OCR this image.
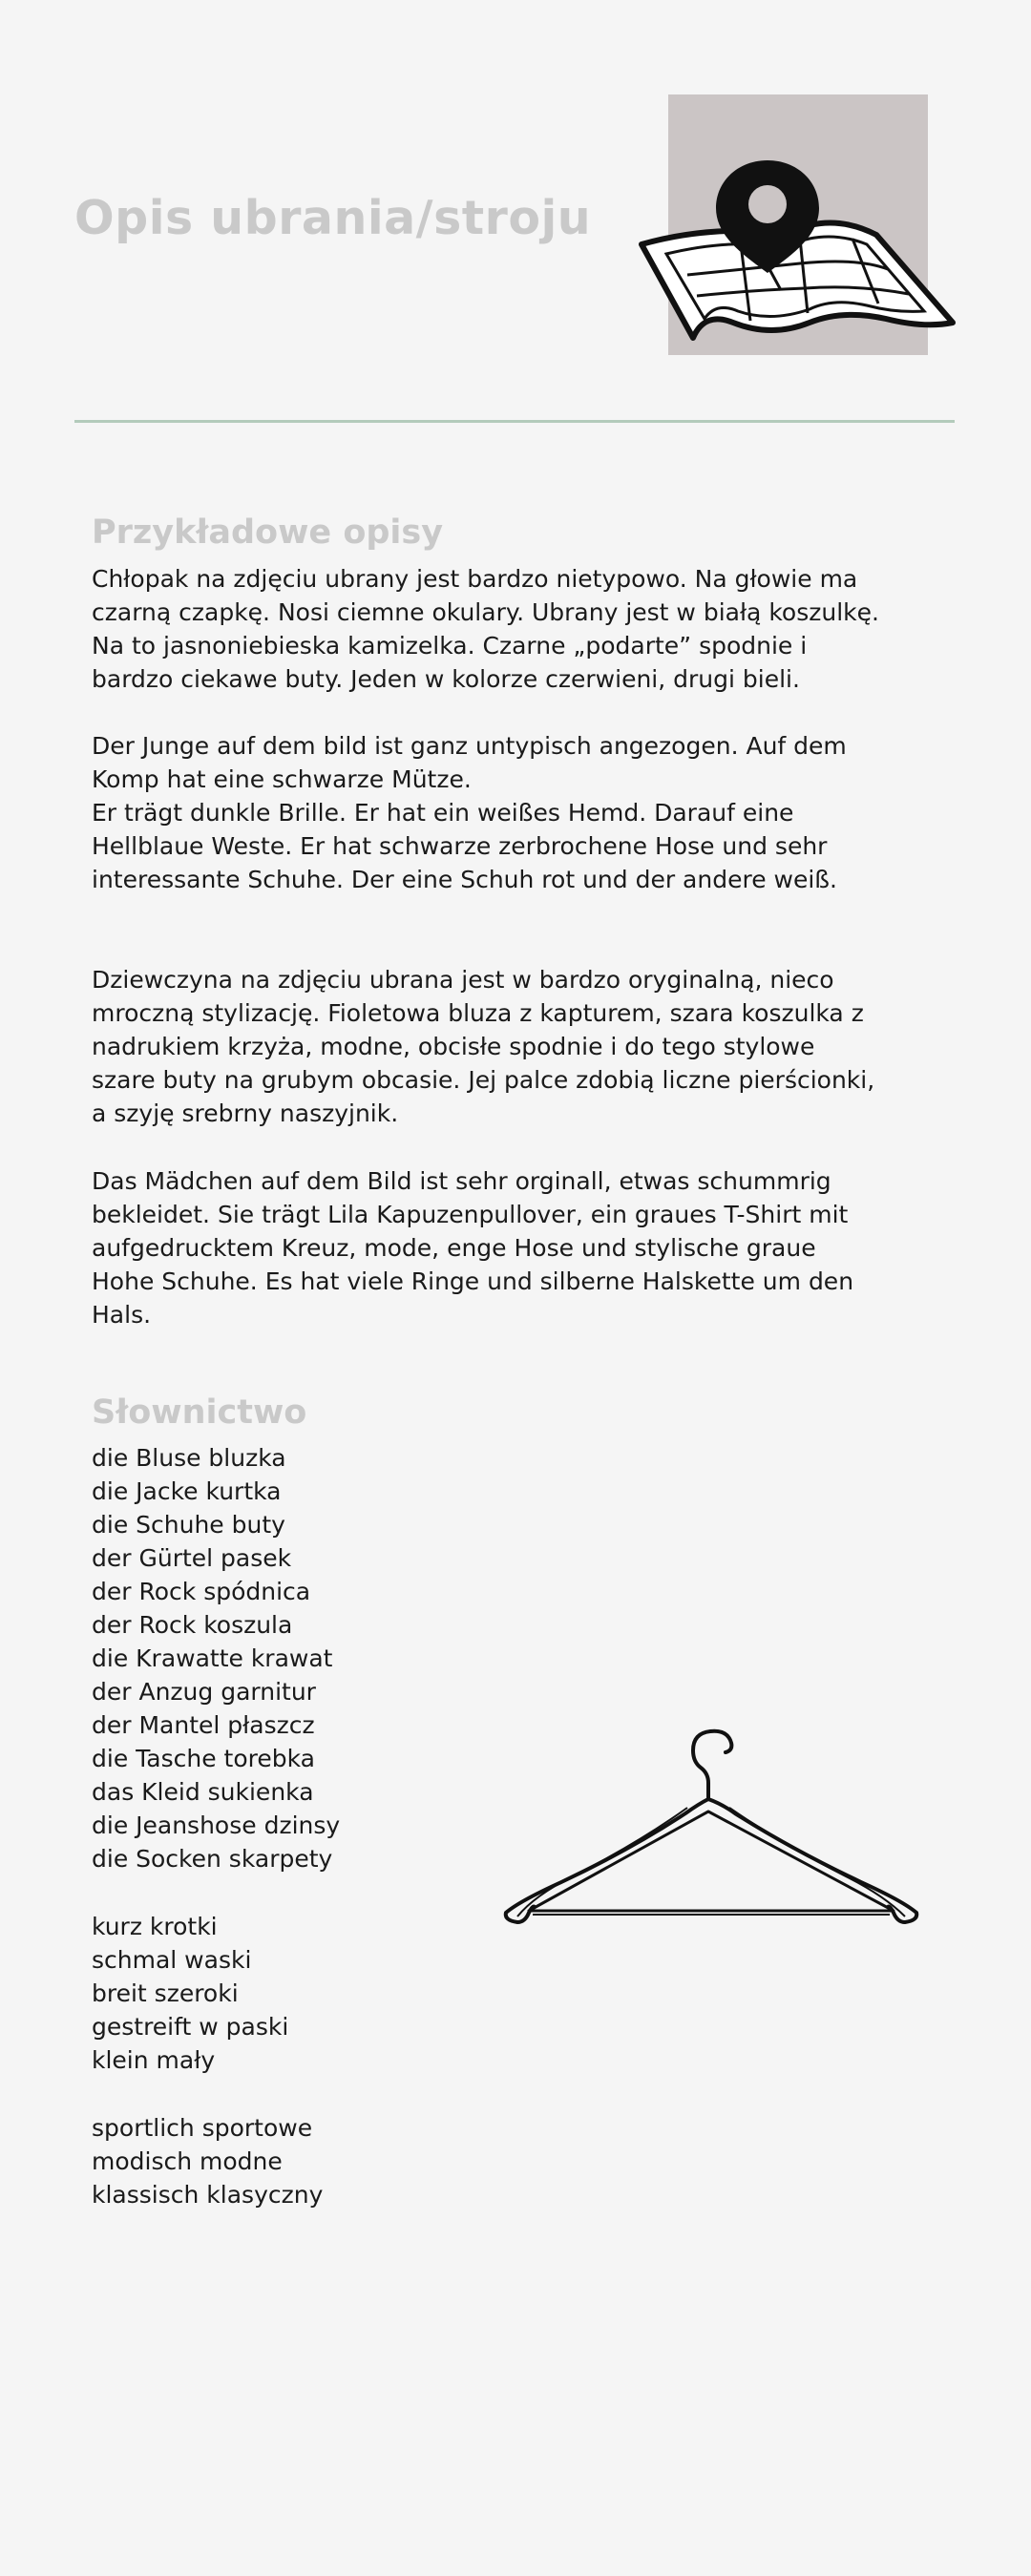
Opis ubrania/stroju
Przykładowe opisy

Chłopak na zdjęciu ubrany jest bardzo nietypowo. Na głowie ma
czarną czapkę. Nosi ciemne okulary. Ubrany jest w białą koszulkę.
Na to jasnoniebieska kamizelka. Czarne „podarte” spodnie i
bardzo ciekawe buty. Jeden w kolorze czerwieni, drugi bieli.

Der Junge auf dem bild ist ganz untypisch angezogen. Auf dem
Komp hat eine schwarze Mütze.
Er trägt dunkle Brille. Er hat ein weißes Hemd. Darauf eine
Hellblaue Weste. Er hat schwarze zerbrochene Hose und sehr
interessante Schuhe. Der eine Schuh rot und der andere weiß.

Dziewczyna na zdjęciu ubrana jest w bardzo oryginalną, nieco
mroczną stylizację. Fioletowa bluza z kapturem, szara koszulka z
nadrukiem krzyża, modne, obcisłe spodnie i do tego stylowe
szare buty na grubym obcasie. Jej palce zdobią liczne pierścionki,
a szyję srebrny naszyjnik.

Das Mädchen auf dem Bild ist sehr orginall, etwas schummrig
bekleidet. Sie trägt Lila Kapuzenpullover, ein graues T-Shirt mit
aufgedrucktem Kreuz, mode, enge Hose und stylische graue
Hohe Schuhe. Es hat viele Ringe und silberne Halskette um den
Hals.

Słownictwo
die Bluse bluzka
die Jacke kurtka
die Schuhe buty
der Gürtel pasek
der Rock spódnica
der Rock koszula
die Krawatte krawat
der Anzug garnitur
der Mantel płaszcz
die Tasche torebka
das Kleid sukienka
die Jeanshose dzinsy
die Socken skarpety
kurz krotki
schmal waski
breit szeroki
gestreift w paski
klein mały
sportlich sportowe
modisch modne
klassisch klasyczny
